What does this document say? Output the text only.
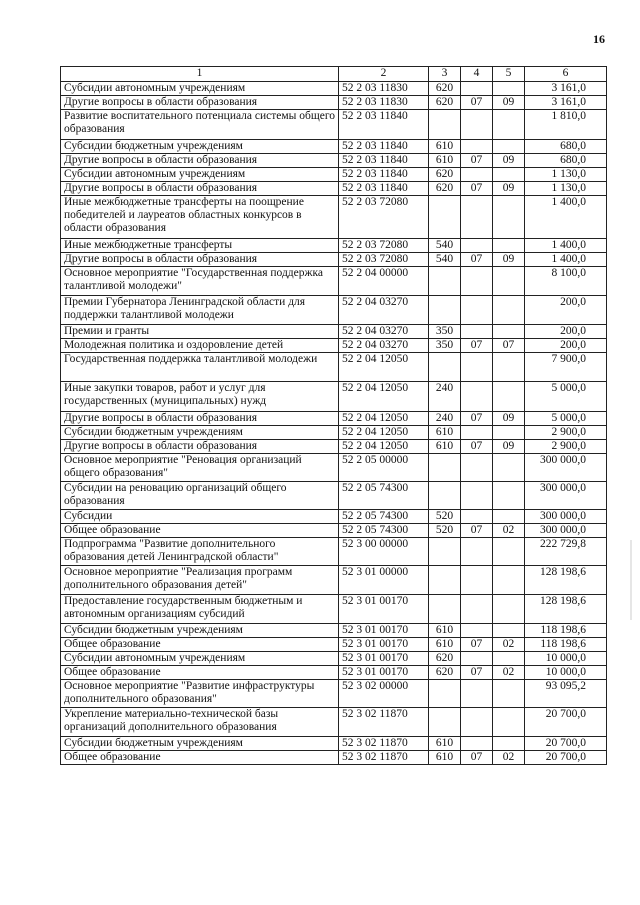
16
1	2	3	4	5	6
Субсидии автономным учреждениям	52 2 03 11830	620			3 161,0
Другие вопросы в области образования	52 2 03 11830	620	07	09	3 161,0
Развитие воспитательного потенциала системы общего образования	52 2 03 11840				1 810,0
Субсидии бюджетным учреждениям	52 2 03 11840	610			680,0
Другие вопросы в области образования	52 2 03 11840	610	07	09	680,0
Субсидии автономным учреждениям	52 2 03 11840	620			1 130,0
Другие вопросы в области образования	52 2 03 11840	620	07	09	1 130,0
Иные межбюджетные трансферты на поощрение победителей и лауреатов областных конкурсов в области образования	52 2 03 72080				1 400,0
Иные межбюджетные трансферты	52 2 03 72080	540			1 400,0
Другие вопросы в области образования	52 2 03 72080	540	07	09	1 400,0
Основное мероприятие "Государственная поддержка талантливой молодежи"	52 2 04 00000				8 100,0
Премии Губернатора Ленинградской области для поддержки талантливой молодежи	52 2 04 03270				200,0
Премии и гранты	52 2 04 03270	350			200,0
Молодежная политика и оздоровление детей	52 2 04 03270	350	07	07	200,0
Государственная поддержка талантливой молодежи	52 2 04 12050				7 900,0
Иные закупки товаров, работ и услуг для государственных (муниципальных) нужд	52 2 04 12050	240			5 000,0
Другие вопросы в области образования	52 2 04 12050	240	07	09	5 000,0
Субсидии бюджетным учреждениям	52 2 04 12050	610			2 900,0
Другие вопросы в области образования	52 2 04 12050	610	07	09	2 900,0
Основное мероприятие "Реновация организаций общего образования"	52 2 05 00000				300 000,0
Субсидии на реновацию организаций общего образования	52 2 05 74300				300 000,0
Субсидии	52 2 05 74300	520			300 000,0
Общее образование	52 2 05 74300	520	07	02	300 000,0
Подпрограмма "Развитие дополнительного образования детей Ленинградской области"	52 3 00 00000				222 729,8
Основное мероприятие "Реализация программ дополнительного образования детей"	52 3 01 00000				128 198,6
Предоставление государственным бюджетным и автономным организациям субсидий	52 3 01 00170				128 198,6
Субсидии бюджетным учреждениям	52 3 01 00170	610			118 198,6
Общее образование	52 3 01 00170	610	07	02	118 198,6
Субсидии автономным учреждениям	52 3 01 00170	620			10 000,0
Общее образование	52 3 01 00170	620	07	02	10 000,0
Основное мероприятие "Развитие инфраструктуры дополнительного образования"	52 3 02 00000				93 095,2
Укрепление материально-технической базы организаций дополнительного образования	52 3 02 11870				20 700,0
Субсидии бюджетным учреждениям	52 3 02 11870	610			20 700,0
Общее образование	52 3 02 11870	610	07	02	20 700,0
